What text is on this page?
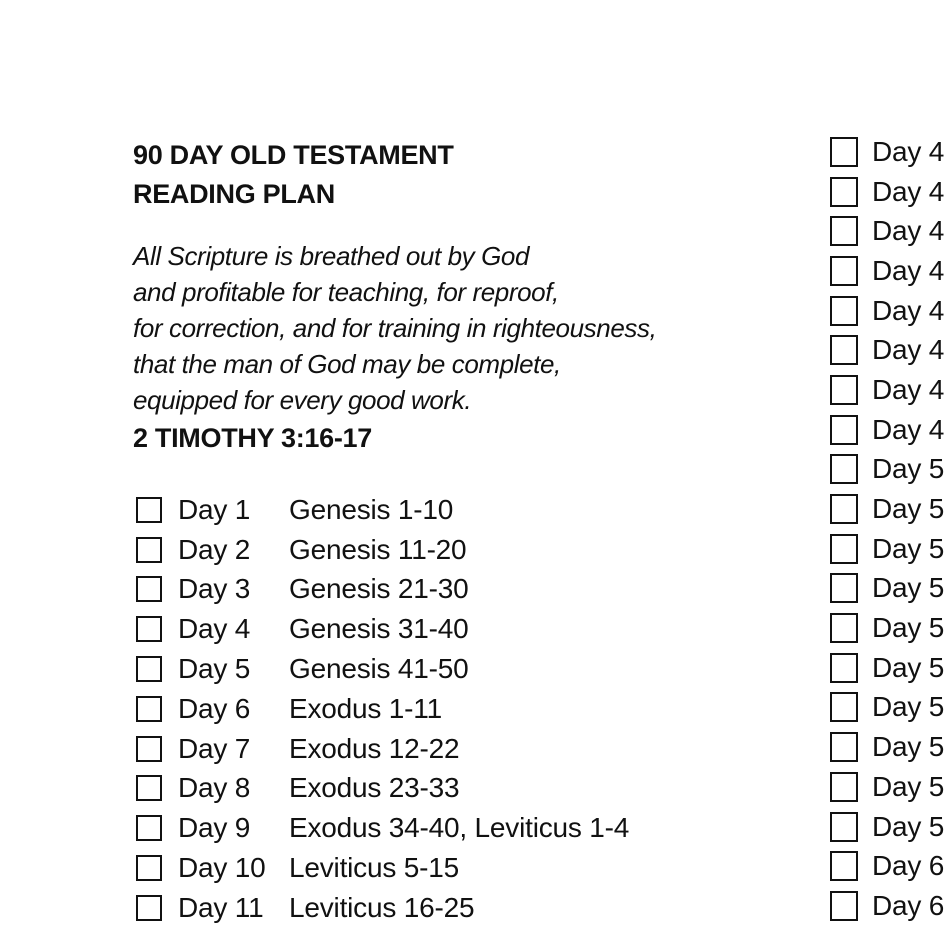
90 DAY OLD TESTAMENT
READING PLAN
All Scripture is breathed out by God
and profitable for teaching, for reproof,
for correction, and for training in righteousness,
that the man of God may be complete,
equipped for every good work.
2 TIMOTHY 3:16-17
Day 1	Genesis 1-10
Day 2	Genesis 11-20
Day 3	Genesis 21-30
Day 4	Genesis 31-40
Day 5	Genesis 41-50
Day 6	Exodus 1-11
Day 7	Exodus 12-22
Day 8	Exodus 23-33
Day 9	Exodus 34-40, Leviticus 1-4
Day 10 Leviticus 5-15
Day 11 Leviticus 16-25
Day 4
Day 4
Day 4
Day 4
Day 4
Day 4
Day 4
Day 4
Day 5
Day 5
Day 5
Day 5
Day 5
Day 5
Day 5
Day 5
Day 5
Day 5
Day 6
Day 6
